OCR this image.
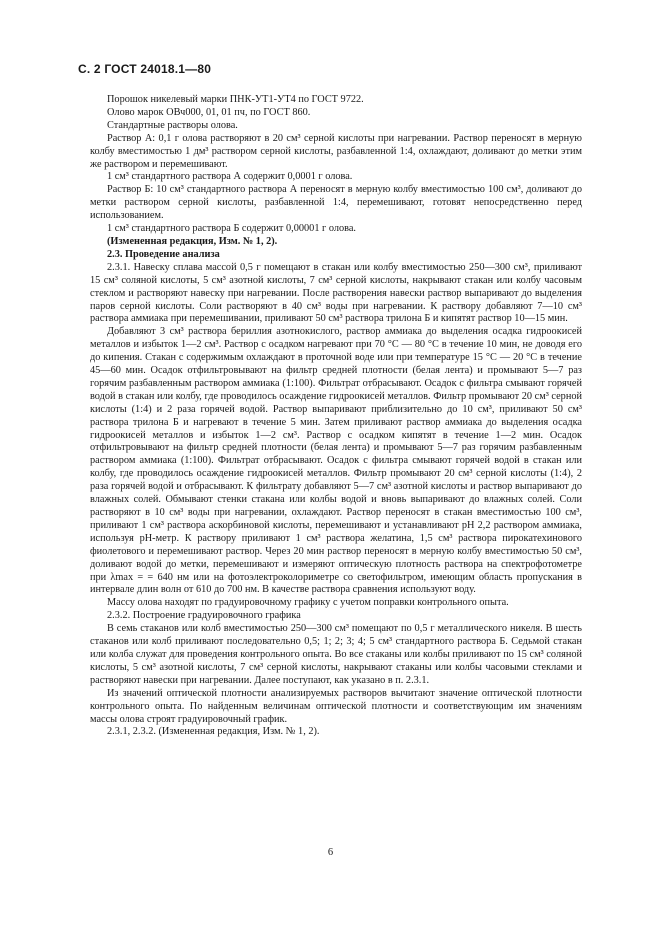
С. 2 ГОСТ 24018.1—80

Порошок никелевый марки ПНК-УТ1-УТ4 по ГОСТ 9722.

Олово марок ОВч000, 01, 01 пч, по ГОСТ 860.

Стандартные растворы олова.

Раствор А: 0,1 г олова растворяют в 20 см³ серной кислоты при нагревании. Раствор переносят в мерную колбу вместимостью 1 дм³ раствором серной кислоты, разбавленной 1:4, охлаждают, доливают до метки этим же раствором и перемешивают.

1 см³ стандартного раствора А содержит 0,0001 г олова.

Раствор Б: 10 см³ стандартного раствора А переносят в мерную колбу вместимостью 100 см³, доливают до метки раствором серной кислоты, разбавленной 1:4, перемешивают, готовят непосредственно перед использованием.

1 см³ стандартного раствора Б содержит 0,00001 г олова.

(Измененная редакция, Изм. № 1, 2).

2.3. Проведение анализа

2.3.1. Навеску сплава массой 0,5 г помещают в стакан или колбу вместимостью 250—300 см³, приливают 15 см³ соляной кислоты, 5 см³ азотной кислоты, 7 см³ серной кислоты, накрывают стакан или колбу часовым стеклом и растворяют навеску при нагревании. После растворения навески раствор выпаривают до выделения паров серной кислоты. Соли растворяют в 40 см³ воды при нагревании. К раствору добавляют 7—10 см³ раствора аммиака при перемешивании, приливают 50 см³ раствора трилона Б и кипятят раствор 10—15 мин.

Добавляют 3 см³ раствора бериллия азотнокислого, раствор аммиака до выделения осадка гидроокисей металлов и избыток 1—2 см³. Раствор с осадком нагревают при 70 °С — 80 °С в течение 10 мин, не доводя его до кипения. Стакан с содержимым охлаждают в проточной воде или при температуре 15 °С — 20 °С в течение 45—60 мин. Осадок отфильтровывают на фильтр средней плотности (белая лента) и промывают 5—7 раз горячим разбавленным раствором аммиака (1:100). Фильтрат отбрасывают. Осадок с фильтра смывают горячей водой в стакан или колбу, где проводилось осаждение гидроокисей металлов. Фильтр промывают 20 см³ серной кислоты (1:4) и 2 раза горячей водой. Раствор выпаривают приблизительно до 10 см³, приливают 50 см³ раствора трилона Б и нагревают в течение 5 мин. Затем приливают раствор аммиака до выделения осадка гидроокисей металлов и избыток 1—2 см³. Раствор с осадком кипятят в течение 1—2 мин. Осадок отфильтровывают на фильтр средней плотности (белая лента) и промывают 5—7 раз горячим разбавленным раствором аммиака (1:100). Фильтрат отбрасывают. Осадок с фильтра смывают горячей водой в стакан или колбу, где проводилось осаждение гидроокисей металлов. Фильтр промывают 20 см³ серной кислоты (1:4), 2 раза горячей водой и отбрасывают. К фильтрату добавляют 5—7 см³ азотной кислоты и раствор выпаривают до влажных солей. Обмывают стенки стакана или колбы водой и вновь выпаривают до влажных солей. Соли растворяют в 10 см³ воды при нагревании, охлаждают. Раствор переносят в стакан вместимостью 100 см³, приливают 1 см³ раствора аскорбиновой кислоты, перемешивают и устанавливают рН 2,2 раствором аммиака, используя рН-метр. К раствору приливают 1 см³ раствора желатина, 1,5 см³ раствора пирокатехинового фиолетового и перемешивают раствор. Через 20 мин раствор переносят в мерную колбу вместимостью 50 см³, доливают водой до метки, перемешивают и измеряют оптическую плотность раствора на спектрофотометре при λmax = = 640 нм или на фотоэлектроколориметре со светофильтром, имеющим область пропускания в интервале длин волн от 610 до 700 нм. В качестве раствора сравнения используют воду.

Массу олова находят по градуировочному графику с учетом поправки контрольного опыта.

2.3.2. Построение градуировочного графика

В семь стаканов или колб вместимостью 250—300 см³ помещают по 0,5 г металлического никеля. В шесть стаканов или колб приливают последовательно 0,5; 1; 2; 3; 4; 5 см³ стандартного раствора Б. Седьмой стакан или колба служат для проведения контрольного опыта. Во все стаканы или колбы приливают по 15 см³ соляной кислоты, 5 см³ азотной кислоты, 7 см³ серной кислоты, накрывают стаканы или колбы часовыми стеклами и растворяют навески при нагревании. Далее поступают, как указано в п. 2.3.1.

Из значений оптической плотности анализируемых растворов вычитают значение оптической плотности контрольного опыта. По найденным величинам оптической плотности и соответствующим им значениям массы олова строят градуировочный график.

2.3.1, 2.3.2. (Измененная редакция, Изм. № 1, 2).

6
